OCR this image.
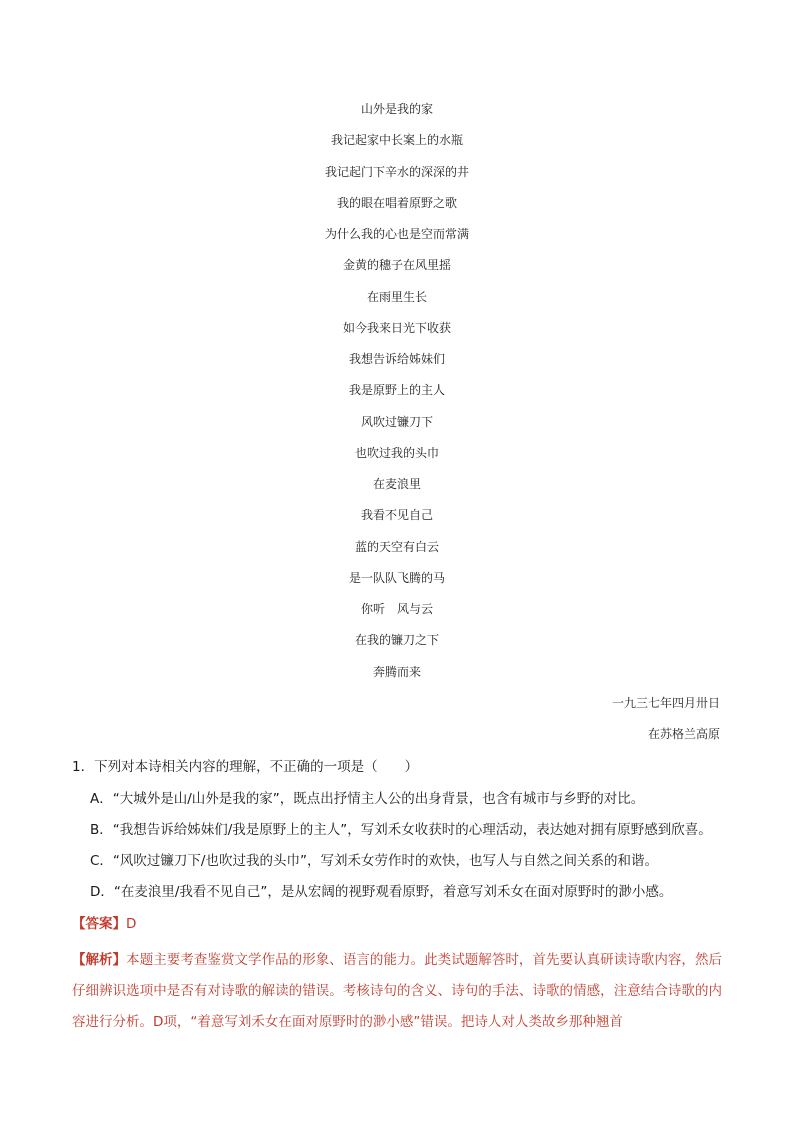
山外是我的家
我记起家中长案上的水瓶
我记起门下辛水的深深的井
我的眼在唱着原野之歌
为什么我的心也是空而常满
金黄的穗子在风里摇
在雨里生长
如今我来日光下收获
我想告诉给姊妹们
我是原野上的主人
风吹过镰刀下
也吹过我的头巾
在麦浪里
我看不见自己
蓝的天空有白云
是一队队飞腾的马
你听　风与云
在我的镰刀之下
奔腾而来
一九三七年四月卅日
在苏格兰高原
1．下列对本诗相关内容的理解，不正确的一项是（　　）
A．“大城外是山/山外是我的家”，既点出抒情主人公的出身背景，也含有城市与乡野的对比。
B．“我想告诉给姊妹们/我是原野上的主人”，写刘禾女收获时的心理活动，表达她对拥有原野感到欣喜。
C．“风吹过镰刀下/也吹过我的头巾”，写刘禾女劳作时的欢快，也写人与自然之间关系的和谐。
D．“在麦浪里/我看不见自己”，是从宏阔的视野观看原野，着意写刘禾女在面对原野时的渺小感。
【答案】D
【解析】本题主要考查鉴赏文学作品的形象、语言的能力。此类试题解答时，首先要认真研读诗歌内容，然后仔细辨识选项中是否有对诗歌的解读的错误。考核诗句的含义、诗句的手法、诗歌的情感，注意结合诗歌的内容进行分析。D项，“着意写刘禾女在面对原野时的渺小感”错误。把诗人对人类故乡那种翘首
